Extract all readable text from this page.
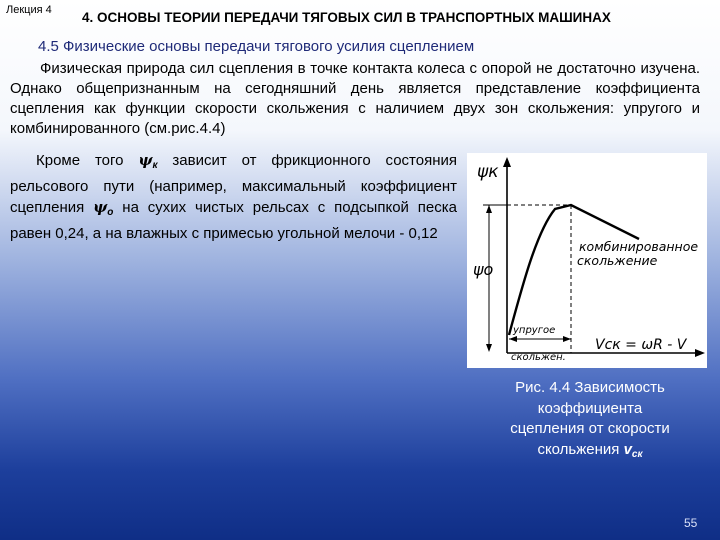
Лекция 4 4. ОСНОВЫ ТЕОРИИ ПЕРЕДАЧИ ТЯГОВЫХ СИЛ В ТРАНСПОРТНЫХ МАШИНАХ
4.5 Физические основы передачи тягового усилия сцеплением
Физическая природа сил сцепления в точке контакта колеса с опорой не достаточно изучена. Однако общепризнанным на сегодняшний день является представление коэффициента сцепления как функции скорости скольжения с наличием двух зон скольжения: упругого и комбинированного (см.рис.4.4)
Кроме того $\psi_к$ зависит от фрикционного состояния рельсового пути (например, максимальный коэффициент сцепления $\psi_о$ на сухих чистых рельсах с подсыпкой песка равен 0,24, а на влажных с примесью угольной мелочи - 0,12
ψк
ψо
комбинированное
скольжение
упругое
скольжен.
Vск = ωR - V
Рис. 4.4 Зависимость
коэффициента
сцепления от скорости
скольжения $v_{ск}$
55
